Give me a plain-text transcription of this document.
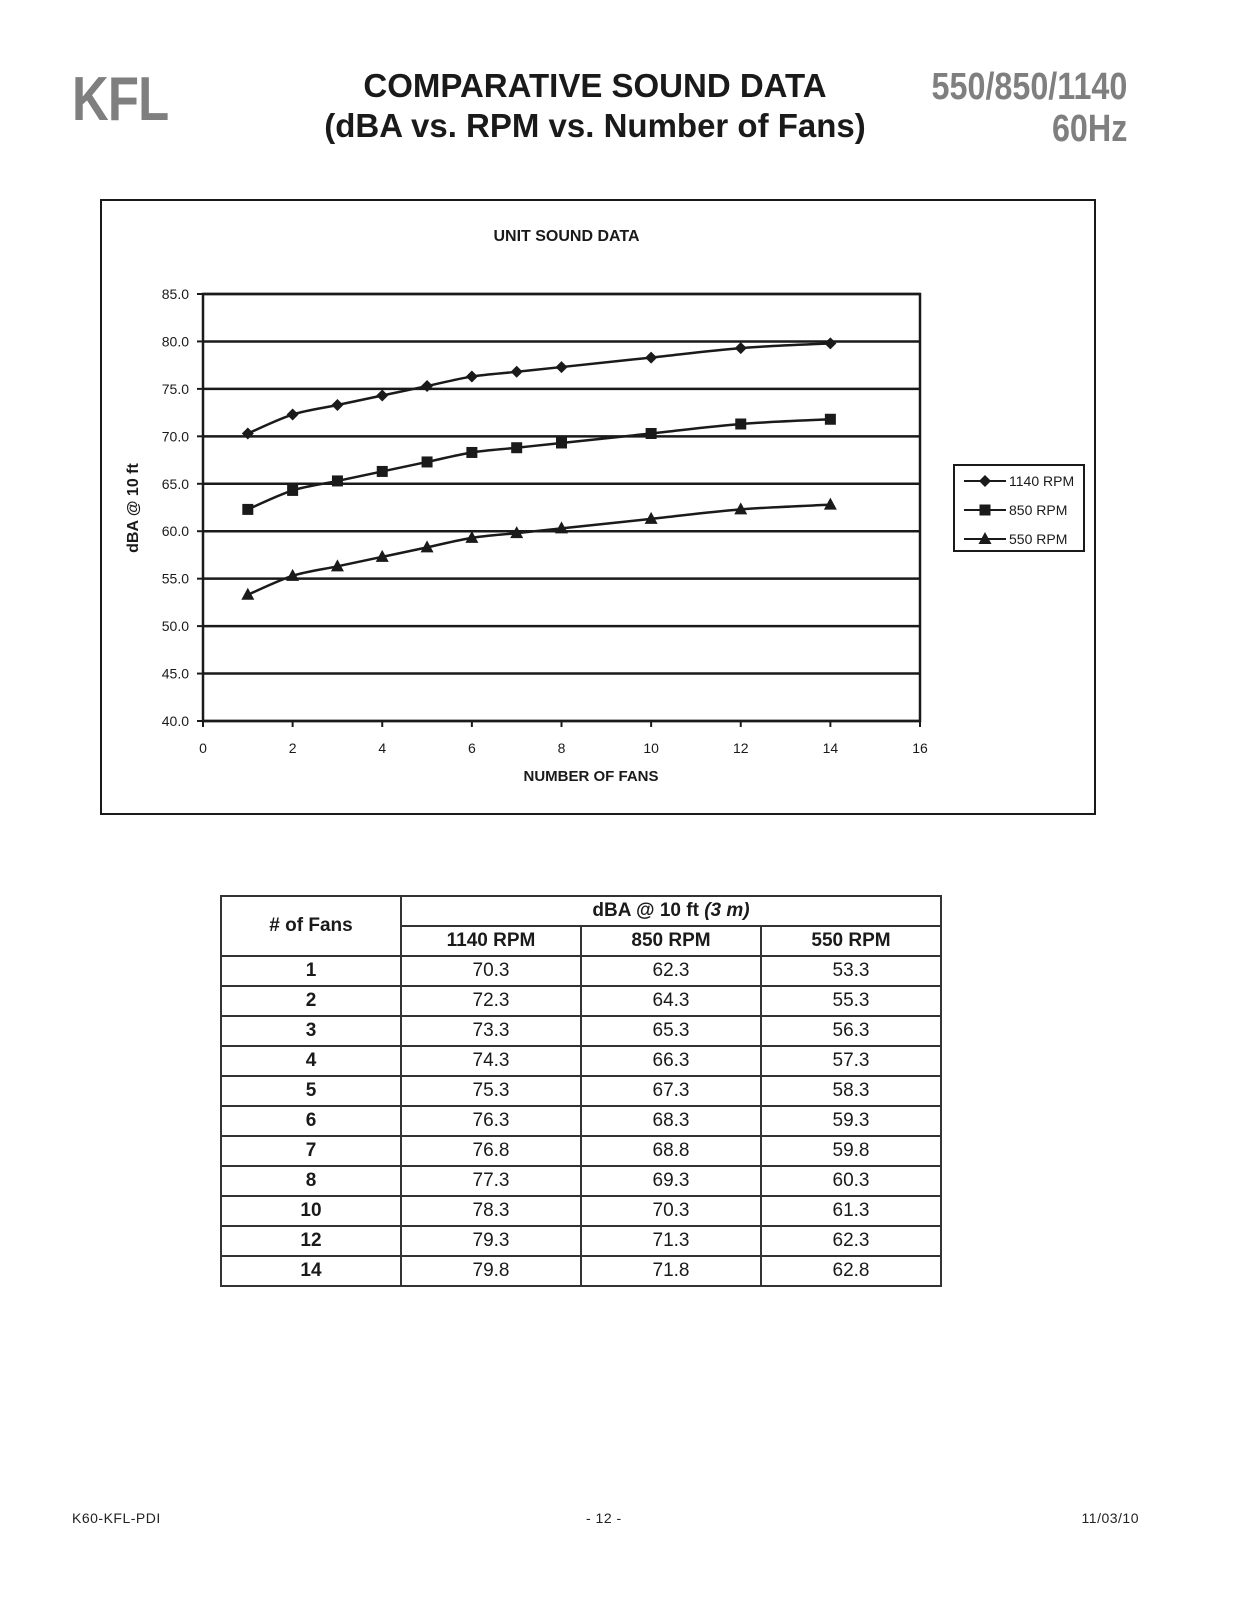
KFL	COMPARATIVE SOUND DATA
(dBA vs. RPM vs. Number of Fans)
550/850/1140
60Hz
UNIT SOUND DATA
40.0
45.0
50.0
55.0
60.0
65.0
70.0
75.0
80.0
85.0
0	2	4	6	8	10	12	14	16
NUMBER OF FANS
dBA @ 10 ft	1140 RPM
850 RPM
550 RPM
# of Fans	dBA @ 10 ft (3 m)		
	1140 RPM	850 RPM	550 RPM
1	70.3	62.3	53.3
2	72.3	64.3	55.3
3	73.3	65.3	56.3
4	74.3	66.3	57.3
5	75.3	67.3	58.3
6	76.3	68.3	59.3
7	76.8	68.8	59.8
8	77.3	69.3	60.3
10	78.3	70.3	61.3
12	79.3	71.3	62.3
14	79.8	71.8	62.8
K60-KFL-PDI	- 12 -	11/03/10
